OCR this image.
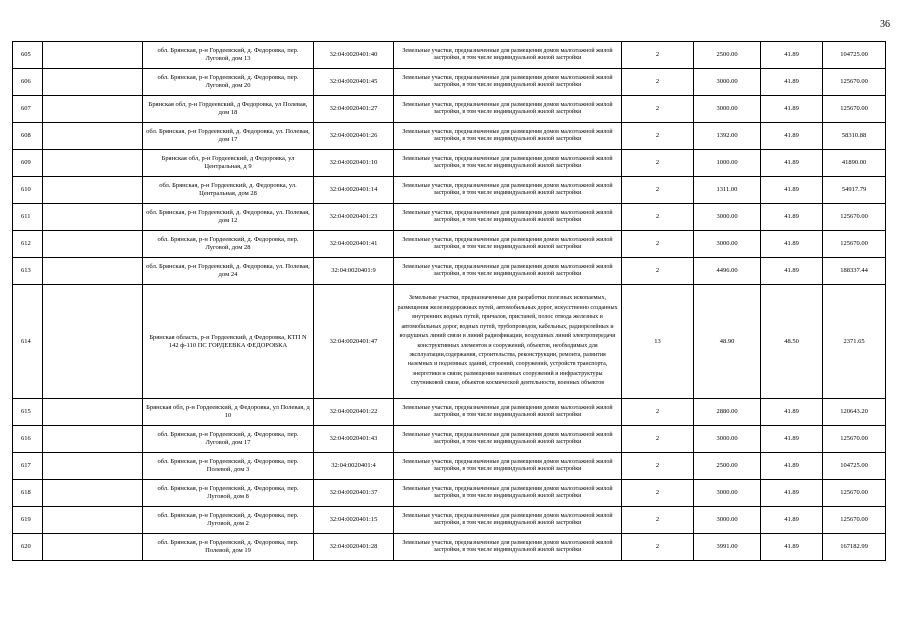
36
605		обл. Брянская, р-н Гордеевский, д. Федоровка, пер. Луговой, дом 13	32:04:0020401:40	Земельные участки, предназначенные для размещения домов малоэтажной жилой застройки, в том числе индивидуальной жилой застройки	2	2500.00	41.89	104725.00
606		обл. Брянская, р-н Гордеевский, д. Федоровка, пер. Луговой, дом 20	32:04:0020401:45	Земельные участки, предназначенные для размещения домов малоэтажной жилой застройки, в том числе индивидуальной жилой застройки	2	3000.00	41.89	125670.00
607		Брянская обл, р-н Гордеевский, д Федоровка, ул Полевая, дом 18	32:04:0020401:27	Земельные участки, предназначенные для размещения домов малоэтажной жилой застройки, в том числе индивидуальной жилой застройки	2	3000.00	41.89	125670.00
608		обл. Брянская, р-н Гордеевский, д. Федоровка, ул. Полевая, дом 17	32:04:0020401:26	Земельные участки, предназначенные для размещения домов малоэтажной жилой застройки, в том числе индивидуальной жилой застройки	2	1392.00	41.89	58310.88
609		Брянская обл, р-н Гордеевский, д Федоровка, ул Центральная, д 9	32:04:0020401:10	Земельные участки, предназначенные для размещения домов малоэтажной жилой застройки, в том числе индивидуальной жилой застройки	2	1000.00	41.89	41890.00
610		обл. Брянская, р-н Гордеевский, д. Федоровка, ул. Центральная, дом 28	32:04:0020401:14	Земельные участки, предназначенные для размещения домов малоэтажной жилой застройки, в том числе индивидуальной жилой застройки	2	1311.00	41.89	54917.79
611		обл. Брянская, р-н Гордеевский, д. Федоровка, ул. Полевая, дом 12	32:04:0020401:23	Земельные участки, предназначенные для размещения домов малоэтажной жилой застройки, в том числе индивидуальной жилой застройки	2	3000.00	41.89	125670.00
612		обл. Брянская, р-н Гордеевский, д. Федоровка, пер. Луговой, дом 28	32:04:0020401:41	Земельные участки, предназначенные для размещения домов малоэтажной жилой застройки, в том числе индивидуальной жилой застройки	2	3000.00	41.89	125670.00
613		обл. Брянская, р-н Гордеевский, д. Федоровка, ул. Полевая, дом 24	32:04:0020401:9	Земельные участки, предназначенные для размещения домов малоэтажной жилой застройки, в том числе индивидуальной жилой застройки	2	4496.00	41.89	188337.44
614		Брянская область, р-н Гордеевский, д Федоровка, КТП N 142 ф-110 ПС ГОРДЕЕВКА ФЕДОРОВКА	32:04:0020401:47	Земельные участки, предназначенные для разработки полезных ископаемых, размещения железнодорожных путей, автомобильных дорог, искусственно созданных внутренних водных путей, причалов, пристаней, полос отвода железных и автомобильных дорог, водных путей, трубопроводов, кабельных, радиорелейных и воздушных линий связи и линий радиофикации, воздушных линий электропередачи конструктивных элементов и сооружений, объектов, необходимых для эксплуатации,содержания, строительства, реконструкции, ремонта, развития наземных и подземных зданий, строений, сооружений, устройств транспорта, энергетики и связи; размещения наземных сооружений и инфраструктуры спутниковой связи, объектов космической деятельности, военных объектов	13	48.90	48.50	2371.65
615		Брянская обл, р-н Гордеевский, д Федоровка, ул Полевая, д 10	32:04:0020401:22	Земельные участки, предназначенные для размещения домов малоэтажной жилой застройки, в том числе индивидуальной жилой застройки	2	2880.00	41.89	120643.20
616		обл. Брянская, р-н Гордеевский, д. Федоровка, пер. Луговой, дом 17	32:04:0020401:43	Земельные участки, предназначенные для размещения домов малоэтажной жилой застройки, в том числе индивидуальной жилой застройки	2	3000.00	41.89	125670.00
617		обл. Брянская, р-н Гордеевский, д. Федоровка, пер. Полевой, дом 3	32:04:0020401:4	Земельные участки, предназначенные для размещения домов малоэтажной жилой застройки, в том числе индивидуальной жилой застройки	2	2500.00	41.89	104725.00
618		обл. Брянская, р-н Гордеевский, д. Федоровка, пер. Луговой, дом 8	32:04:0020401:37	Земельные участки, предназначенные для размещения домов малоэтажной жилой застройки, в том числе индивидуальной жилой застройки	2	3000.00	41.89	125670.00
619		обл. Брянская, р-н Гордеевский, д. Федоровка, пер. Луговой, дом 2	32:04:0020401:15	Земельные участки, предназначенные для размещения домов малоэтажной жилой застройки, в том числе индивидуальной жилой застройки	2	3000.00	41.89	125670.00
620		обл. Брянская, р-н Гордеевский, д. Федоровка, пер. Полевой, дом 19	32:04:0020401:28	Земельные участки, предназначенные для размещения домов малоэтажной жилой застройки, в том числе индивидуальной жилой застройки	2	3991.00	41.89	167182.99
